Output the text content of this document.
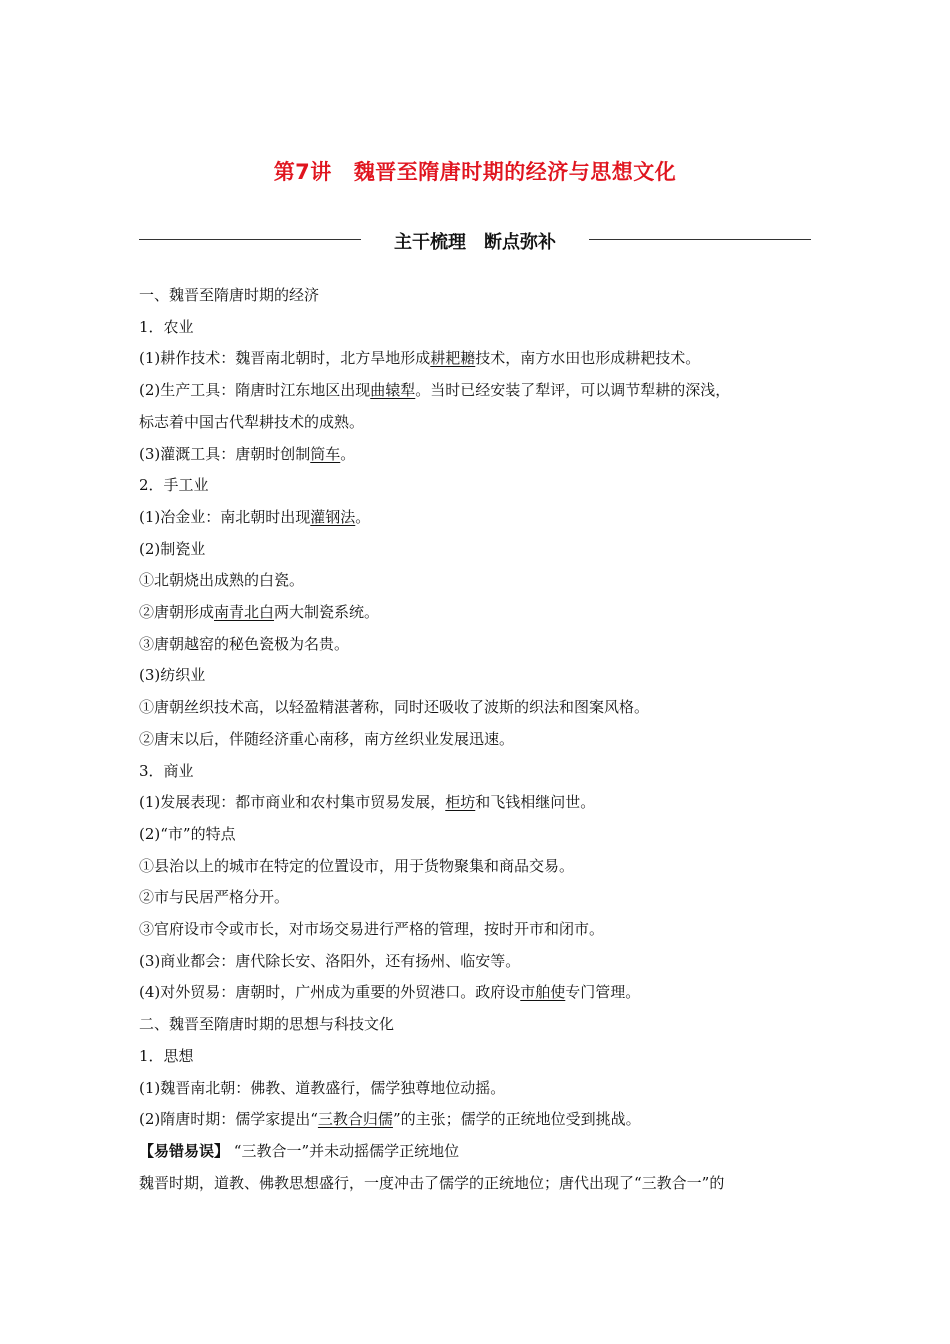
第7讲 魏晋至隋唐时期的经济与思想文化
主干梳理 断点弥补
一、魏晋至隋唐时期的经济
1．农业
(1)耕作技术：魏晋南北朝时，北方旱地形成耕耙耱技术，南方水田也形成耕耙技术。
(2)生产工具：隋唐时江东地区出现曲辕犁。当时已经安装了犁评，可以调节犁耕的深浅，
标志着中国古代犁耕技术的成熟。
(3)灌溉工具：唐朝时创制筒车。
2．手工业
(1)冶金业：南北朝时出现灌钢法。
(2)制瓷业
①北朝烧出成熟的白瓷。
②唐朝形成南青北白两大制瓷系统。
③唐朝越窑的秘色瓷极为名贵。
(3)纺织业
①唐朝丝织技术高，以轻盈精湛著称，同时还吸收了波斯的织法和图案风格。
②唐末以后，伴随经济重心南移，南方丝织业发展迅速。
3．商业
(1)发展表现：都市商业和农村集市贸易发展，柜坊和飞钱相继问世。
(2)“市”的特点
①县治以上的城市在特定的位置设市，用于货物聚集和商品交易。
②市与民居严格分开。
③官府设市令或市长，对市场交易进行严格的管理，按时开市和闭市。
(3)商业都会：唐代除长安、洛阳外，还有扬州、临安等。
(4)对外贸易：唐朝时，广州成为重要的外贸港口。政府设市舶使专门管理。
二、魏晋至隋唐时期的思想与科技文化
1．思想
(1)魏晋南北朝：佛教、道教盛行，儒学独尊地位动摇。
(2)隋唐时期：儒学家提出“三教合归儒”的主张；儒学的正统地位受到挑战。
【易错易误】 “三教合一”并未动摇儒学正统地位
魏晋时期，道教、佛教思想盛行，一度冲击了儒学的正统地位；唐代出现了“三教合一”的
